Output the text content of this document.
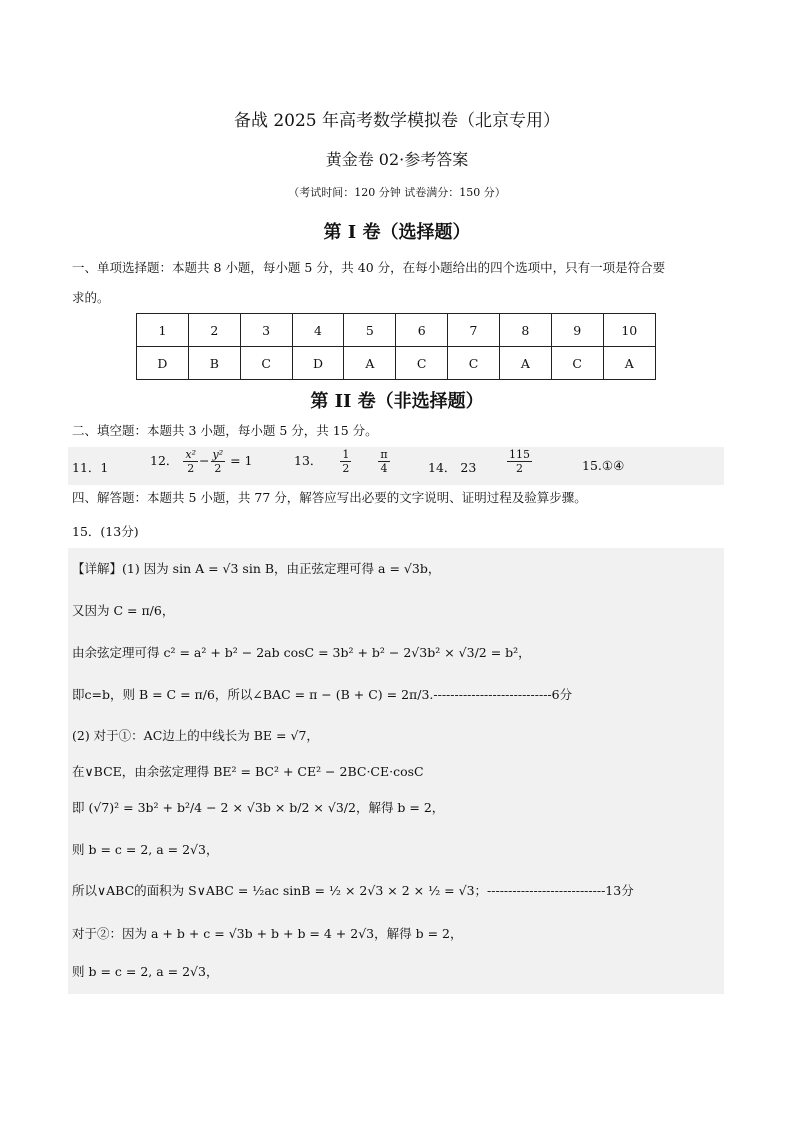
备战 2025 年高考数学模拟卷（北京专用）
黄金卷 02·参考答案
（考试时间：120 分钟 试卷满分：150 分）
第 I 卷（选择题）
一、单项选择题：本题共 8 小题，每小题 5 分，共 40 分，在每小题给出的四个选项中，只有一项是符合要
求的。
1	2	3	4	5	6	7	8	9	10
D	B	C	D	A	C	C	A	C	A
第 II 卷（非选择题）
二、填空题：本题共 3 小题，每小题 5 分，共 15 分。
11．1	12． $\frac{\text{x²}}{2} - \frac{\text{y²}}{2} = 1$	13． $\frac{1}{2}$
$\frac{\pi}{4}$	14． 23	$\frac{115}{2}$	15.①④
四、解答题：本题共 5 小题，共 77 分，解答应写出必要的文字说明、证明过程及验算步骤。
15．(13分)
【详解】(1) 因为 sin A = √3 sin B，由正弦定理可得 a = √3b，
又因为 C = π/6，
由余弦定理可得 c² = a² + b² − 2ab cosC = 3b² + b² − 2√3b² × √3/2 = b²，
即c=b，则 B = C = π/6，所以∠BAC = π − (B + C) = 2π/3.----------------------------6分
(2) 对于①：AC边上的中线长为 BE = √7，
在∨BCE，由余弦定理得 BE² = BC² + CE² − 2BC·CE·cosC
即 (√7)² = 3b² + b²/4 − 2 × √3b × b/2 × √3/2，解得 b = 2，
则 b = c = 2, a = 2√3，
所以∨ABC的面积为 S∨ABC = ½ac sinB = ½ × 2√3 × 2 × ½ = √3；----------------------------13分
对于②：因为 a + b + c = √3b + b + b = 4 + 2√3，解得 b = 2，
则 b = c = 2, a = 2√3，
